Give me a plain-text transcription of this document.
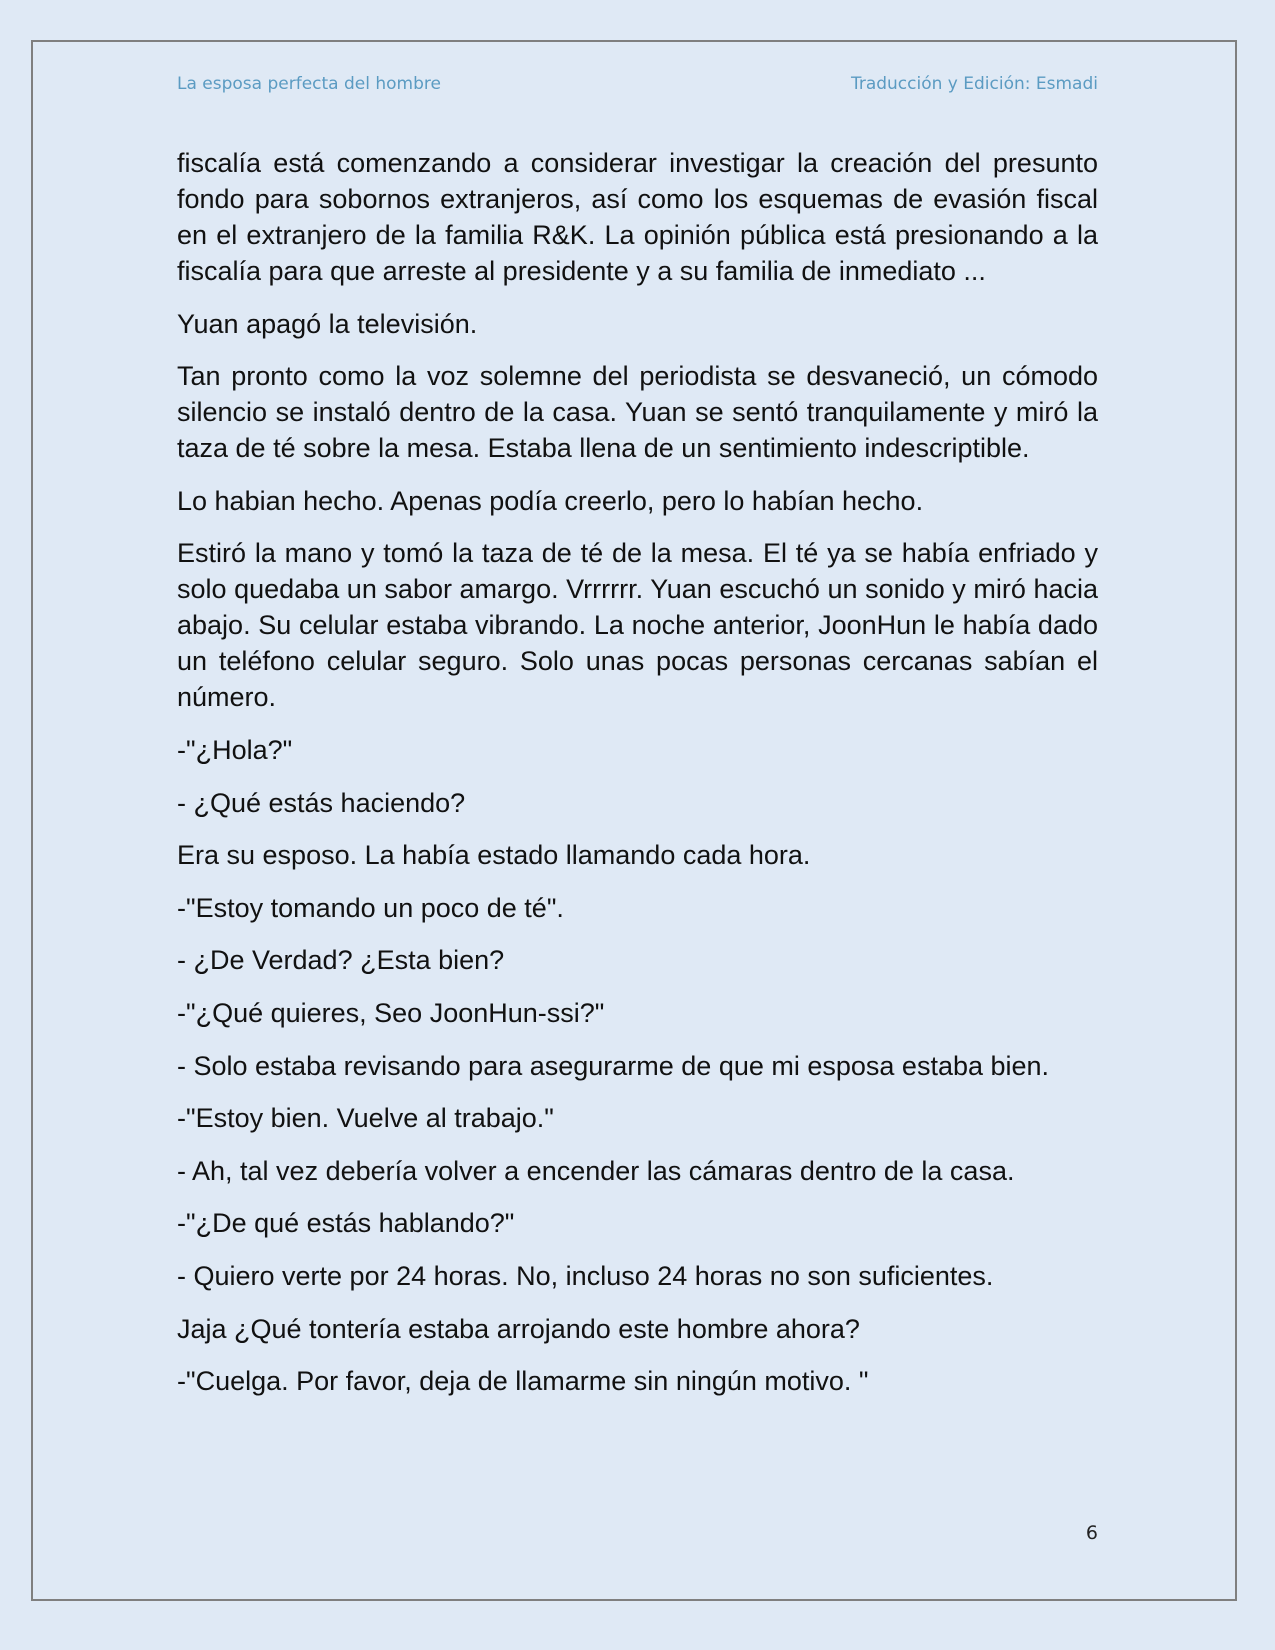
La esposa perfecta del hombre	Traducción y Edición: Esmadi

fiscalía está comenzando a considerar investigar la creación del presunto fondo para sobornos extranjeros, así como los esquemas de evasión fiscal en el extranjero de la familia R&K. La opinión pública está presionando a la fiscalía para que arreste al presidente y a su familia de inmediato ...

Yuan apagó la televisión.

Tan pronto como la voz solemne del periodista se desvaneció, un cómodo silencio se instaló dentro de la casa. Yuan se sentó tranquilamente y miró la taza de té sobre la mesa. Estaba llena de un sentimiento indescriptible.

Lo habian hecho. Apenas podía creerlo, pero lo habían hecho.

Estiró la mano y tomó la taza de té de la mesa. El té ya se había enfriado y solo quedaba un sabor amargo. Vrrrrrr. Yuan escuchó un sonido y miró hacia abajo. Su celular estaba vibrando. La noche anterior, JoonHun le había dado un teléfono celular seguro. Solo unas pocas personas cercanas sabían el número.

-"¿Hola?"

- ¿Qué estás haciendo?

Era su esposo. La había estado llamando cada hora.

-"Estoy tomando un poco de té".

- ¿De Verdad? ¿Esta bien?

-"¿Qué quieres, Seo JoonHun-ssi?"

- Solo estaba revisando para asegurarme de que mi esposa estaba bien.

-"Estoy bien. Vuelve al trabajo."

- Ah, tal vez debería volver a encender las cámaras dentro de la casa.

-"¿De qué estás hablando?"

- Quiero verte por 24 horas. No, incluso 24 horas no son suficientes.

Jaja ¿Qué tontería estaba arrojando este hombre ahora?

-"Cuelga. Por favor, deja de llamarme sin ningún motivo. "

6
